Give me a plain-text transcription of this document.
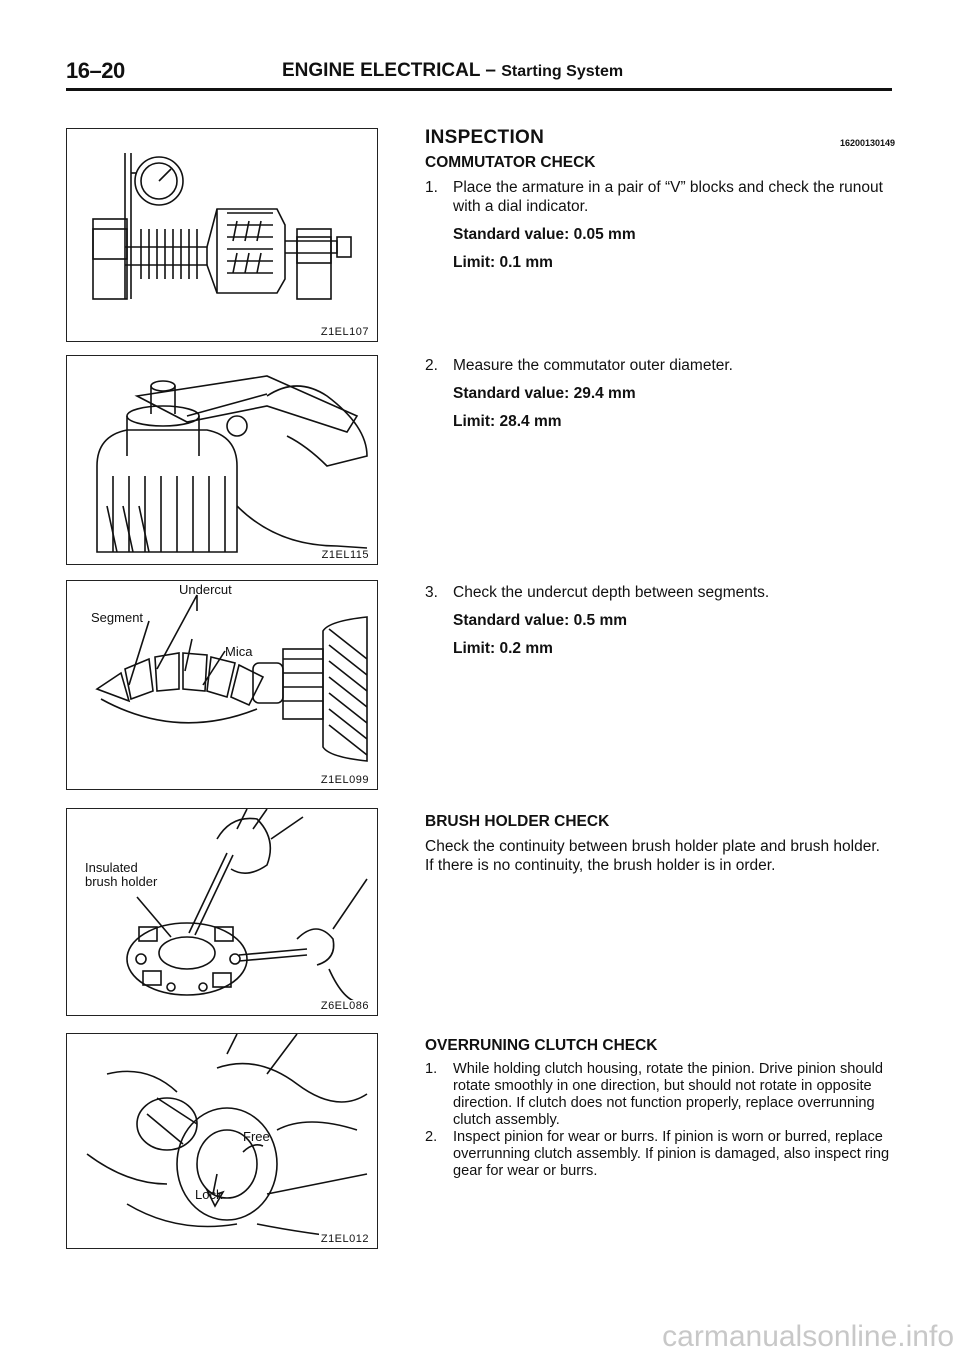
16–20	ENGINE ELECTRICAL – Starting System
Z1EL107
Z1EL115
Undercut
Segment
Mica
Z1EL099
Insulated
brush holder
Z6EL086
Free
Lock
Z1EL012
INSPECTION	16200130149
COMMUTATOR CHECK
1. Place the armature in a pair of “V” blocks and check the runout with a dial indicator.
Standard value: 0.05 mm
Limit: 0.1 mm
2. Measure the commutator outer diameter.
Standard value: 29.4 mm
Limit: 28.4 mm
3. Check the undercut depth between segments.
Standard value: 0.5 mm
Limit: 0.2 mm
BRUSH HOLDER CHECK
Check the continuity between brush holder plate and brush holder.
If there is no continuity, the brush holder is in order.
OVERRUNING CLUTCH CHECK
1. While holding clutch housing, rotate the pinion. Drive pinion should rotate smoothly in one direction, but should not rotate in opposite direction. If clutch does not function properly, replace overrunning clutch assembly.
2. Inspect pinion for wear or burrs. If pinion is worn or burred, replace overrunning clutch assembly. If pinion is damaged, also inspect ring gear for wear or burrs.
carmanualsonline.info
